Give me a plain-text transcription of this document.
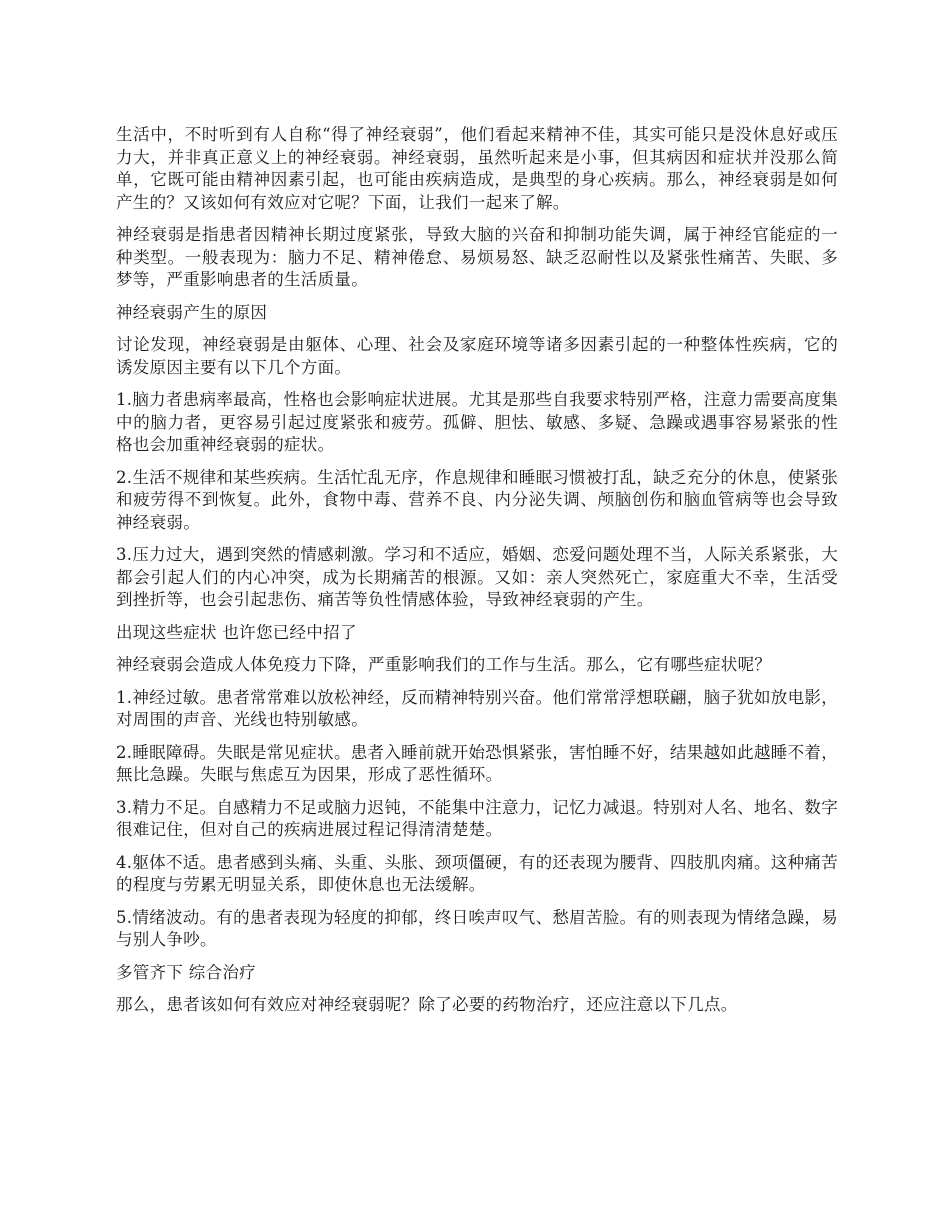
生活中，不时听到有人自称“得了神经衰弱”，他们看起来精神不佳，其实可能只是没休息好或压力大，并非真正意义上的神经衰弱。神经衰弱，虽然听起来是小事，但其病因和症状并没那么简单，它既可能由精神因素引起，也可能由疾病造成，是典型的身心疾病。那么，神经衰弱是如何产生的？又该如何有效应对它呢？下面，让我们一起来了解。

神经衰弱是指患者因精神长期过度紧张，导致大脑的兴奋和抑制功能失调，属于神经官能症的一种类型。一般表现为：脑力不足、精神倦怠、易烦易怒、缺乏忍耐性以及紧张性痛苦、失眠、多梦等，严重影响患者的生活质量。

神经衰弱产生的原因

讨论发现，神经衰弱是由躯体、心理、社会及家庭环境等诸多因素引起的一种整体性疾病，它的诱发原因主要有以下几个方面。

1.脑力者患病率最高，性格也会影响症状进展。尤其是那些自我要求特别严格，注意力需要高度集中的脑力者，更容易引起过度紧张和疲劳。孤僻、胆怯、敏感、多疑、急躁或遇事容易紧张的性格也会加重神经衰弱的症状。

2.生活不规律和某些疾病。生活忙乱无序，作息规律和睡眠习惯被打乱，缺乏充分的休息，使紧张和疲劳得不到恢复。此外，食物中毒、营养不良、内分泌失调、颅脑创伤和脑血管病等也会导致神经衰弱。

3.压力过大，遇到突然的情感刺激。学习和不适应，婚姻、恋爱问题处理不当，人际关系紧张，大都会引起人们的内心冲突，成为长期痛苦的根源。又如：亲人突然死亡，家庭重大不幸，生活受到挫折等，也会引起悲伤、痛苦等负性情感体验，导致神经衰弱的产生。

出现这些症状 也许您已经中招了

神经衰弱会造成人体免疫力下降，严重影响我们的工作与生活。那么，它有哪些症状呢？

1.神经过敏。患者常常难以放松神经，反而精神特别兴奋。他们常常浮想联翩，脑子犹如放电影，对周围的声音、光线也特别敏感。

2.睡眠障碍。失眠是常见症状。患者入睡前就开始恐惧紧张，害怕睡不好，结果越如此越睡不着，無比急躁。失眠与焦虑互为因果，形成了恶性循环。

3.精力不足。自感精力不足或脑力迟钝，不能集中注意力，记忆力减退。特别对人名、地名、数字很难记住，但对自己的疾病进展过程记得清清楚楚。

4.躯体不适。患者感到头痛、头重、头胀、颈项僵硬，有的还表现为腰背、四肢肌肉痛。这种痛苦的程度与劳累无明显关系，即使休息也无法缓解。

5.情绪波动。有的患者表现为轻度的抑郁，终日唉声叹气、愁眉苦脸。有的则表现为情绪急躁，易与别人争吵。

多管齐下 综合治疗

那么，患者该如何有效应对神经衰弱呢？除了必要的药物治疗，还应注意以下几点。
